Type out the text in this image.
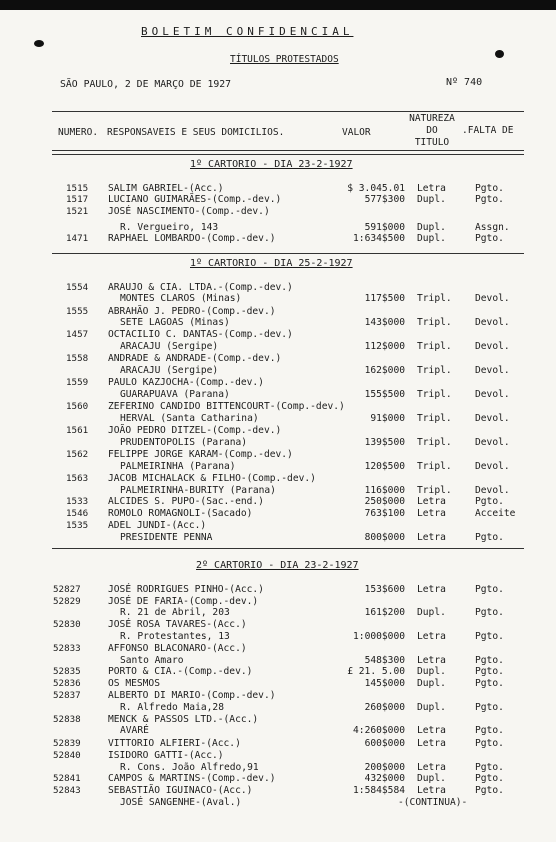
BOLETIM CONFIDENCIAL
TÍTULOS PROTESTADOS
SÃO PAULO, 2 DE MARÇO DE 1927	Nº 740
NUMERO. RESPONSAVEIS E SEUS DOMICILIOS.	VALOR
NATUREZA
DO
TITULO
.FALTA DE
1º CARTORIO - DIA 23-2-1927
1515 SALIM GABRIEL-(Acc.)	$ 3.045.01 Letra	Pgto.
1517 LUCIANO GUIMARÃES-(Comp.-dev.)	577$300 Dupl.	Pgto.
1521 JOSÉ NASCIMENTO-(Comp.-dev.)
R. Vergueiro, 143	591$000 Dupl.	Assgn.
1471 RAPHAEL LOMBARDO-(Comp.-dev.)	1:634$500 Dupl.	Pgto.
1º CARTORIO - DIA 25-2-1927
1554 ARAUJO & CIA. LTDA.-(Comp.-dev.)
MONTES CLAROS (Minas)	117$500 Tripl. Devol.
1555 ABRAHÃO J. PEDRO-(Comp.-dev.)
SETE LAGOAS (Minas)	143$000 Tripl. Devol.
1457 OCTACILIO C. DANTAS-(Comp.-dev.)
ARACAJU (Sergipe)	112$000 Tripl. Devol.
1558 ANDRADE & ANDRADE-(Comp.-dev.)
ARACAJU (Sergipe)	162$000 Tripl. Devol.
1559 PAULO KAZJOCHA-(Comp.-dev.)
GUARAPUAVA (Parana)	155$500 Tripl. Devol.
1560 ZEFERINO CANDIDO BITTENCOURT-(Comp.-dev.)
HERVAL (Santa Catharina)	91$000 Tripl. Devol.
1561 JOÃO PEDRO DITZEL-(Comp.-dev.)
PRUDENTOPOLIS (Parana)	139$500 Tripl. Devol.
1562 FELIPPE JORGE KARAM-(Comp.-dev.)
PALMEIRINHA (Parana)	120$500 Tripl. Devol.
1563 JACOB MICHALACK & FILHO-(Comp.-dev.)
PALMEIRINHA-BURITY (Parana)	116$000 Tripl. Devol.
1533 ALCIDES S. PUPO-(Sac.-end.)	250$000 Letra	Pgto.
1546 ROMOLO ROMAGNOLI-(Sacado)	763$100 Letra	Acceite
1535 ADEL JUNDI-(Acc.)
PRESIDENTE PENNA	800$000 Letra	Pgto.
2º CARTORIO - DIA 23-2-1927
52827	JOSÉ RODRIGUES PINHO-(Acc.)	153$600 Letra	Pgto.
52829	JOSÉ DE FARIA-(Comp.-dev.)
R. 21 de Abril, 203	161$200 Dupl.	Pgto.
52830	JOSÉ ROSA TAVARES-(Acc.)
R. Protestantes, 13	1:000$000 Letra	Pgto.
52833	AFFONSO BLACONARO-(Acc.)
Santo Amaro	548$300 Letra	Pgto.
52835	PORTO & CIA.-(Comp.-dev.)	£ 21. 5.00 Dupl.	Pgto.
52836	OS MESMOS	145$000 Dupl.	Pgto.
52837	ALBERTO DI MARIO-(Comp.-dev.)
R. Alfredo Maia,28	260$000 Dupl.	Pgto.
52838	MENCK & PASSOS LTD.-(Acc.)
AVARÉ	4:260$000 Letra	Pgto.
52839	VITTORIO ALFIERI-(Acc.)	600$000 Letra	Pgto.
52840	ISIDORO GATTI-(Acc.)
R. Cons. João Alfredo,91	200$000 Letra	Pgto.
52841	CAMPOS & MARTINS-(Comp.-dev.)	432$000 Dupl.	Pgto.
52843	SEBASTIÃO IGUINACO-(Acc.)	1:584$584 Letra	Pgto.
JOSÉ SANGENHE-(Aval.)	-(CONTINUA)-
